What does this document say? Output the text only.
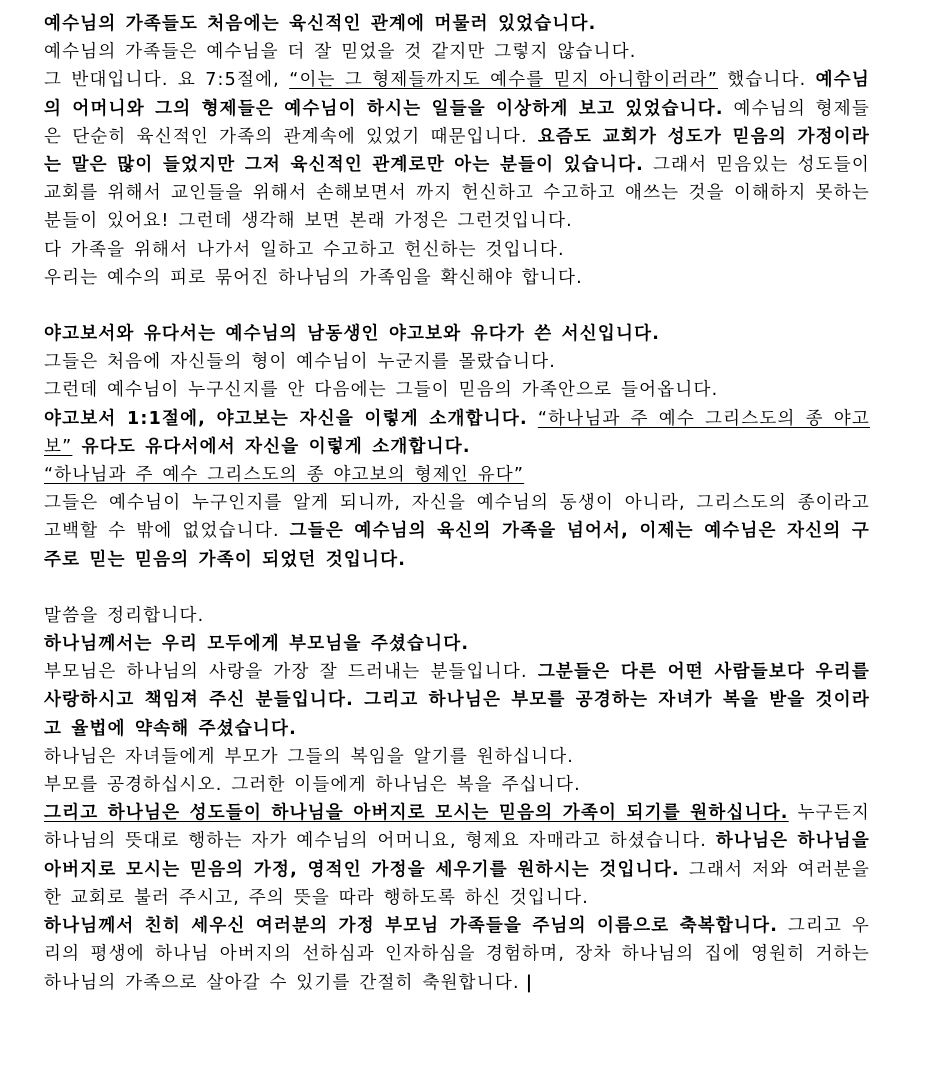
예수님의 가족들도 처음에는 육신적인 관계에 머물러 있었습니다.

예수님의 가족들은 예수님을 더 잘 믿었을 것 같지만 그렇지 않습니다.

그 반대입니다. 요 7:5절에, “이는 그 형제들까지도 예수를 믿지 아니함이러라” 했습니다. 예수님의 어머니와 그의 형제들은 예수님이 하시는 일들을 이상하게 보고 있었습니다. 예수님의 형제들은 단순히 육신적인 가족의 관계속에 있었기 때문입니다. 요즘도 교회가 성도가 믿음의 가정이라는 말은 많이 들었지만 그저 육신적인 관계로만 아는 분들이 있습니다. 그래서 믿음있는 성도들이 교회를 위해서 교인들을 위해서 손해보면서 까지 헌신하고 수고하고 애쓰는 것을 이해하지 못하는 분들이 있어요! 그런데 생각해 보면 본래 가정은 그런것입니다.

다 가족을 위해서 나가서 일하고 수고하고 헌신하는 것입니다.

우리는 예수의 피로 묶어진 하나님의 가족임을 확신해야 합니다.

야고보서와 유다서는 예수님의 남동생인 야고보와 유다가 쓴 서신입니다.

그들은 처음에 자신들의 형이 예수님이 누군지를 몰랐습니다.

그런데 예수님이 누구신지를 안 다음에는 그들이 믿음의 가족안으로 들어옵니다.

야고보서 1:1절에, 야고보는 자신을 이렇게 소개합니다. “하나님과 주 예수 그리스도의 종 야고보” 유다도 유다서에서 자신을 이렇게 소개합니다.

“하나님과 주 예수 그리스도의 종 야고보의 형제인 유다”

그들은 예수님이 누구인지를 알게 되니까, 자신을 예수님의 동생이 아니라, 그리스도의 종이라고 고백할 수 밖에 없었습니다. 그들은 예수님의 육신의 가족을 넘어서, 이제는 예수님은 자신의 구주로 믿는 믿음의 가족이 되었던 것입니다.

말씀을 정리합니다.

하나님께서는 우리 모두에게 부모님을 주셨습니다.

부모님은 하나님의 사랑을 가장 잘 드러내는 분들입니다. 그분들은 다른 어떤 사람들보다 우리를 사랑하시고 책임져 주신 분들입니다. 그리고 하나님은 부모를 공경하는 자녀가 복을 받을 것이라고 율법에 약속해 주셨습니다.

하나님은 자녀들에게 부모가 그들의 복임을 알기를 원하십니다.

부모를 공경하십시오. 그러한 이들에게 하나님은 복을 주십니다.

그리고 하나님은 성도들이 하나님을 아버지로 모시는 믿음의 가족이 되기를 원하십니다. 누구든지 하나님의 뜻대로 행하는 자가 예수님의 어머니요, 형제요 자매라고 하셨습니다. 하나님은 하나님을 아버지로 모시는 믿음의 가정, 영적인 가정을 세우기를 원하시는 것입니다. 그래서 저와 여러분을 한 교회로 불러 주시고, 주의 뜻을 따라 행하도록 하신 것입니다.

하나님께서 친히 세우신 여러분의 가정 부모님 가족들을 주님의 이름으로 축복합니다. 그리고 우리의 평생에 하나님 아버지의 선하심과 인자하심을 경험하며, 장차 하나님의 집에 영원히 거하는 하나님의 가족으로 살아갈 수 있기를 간절히 축원합니다. |
